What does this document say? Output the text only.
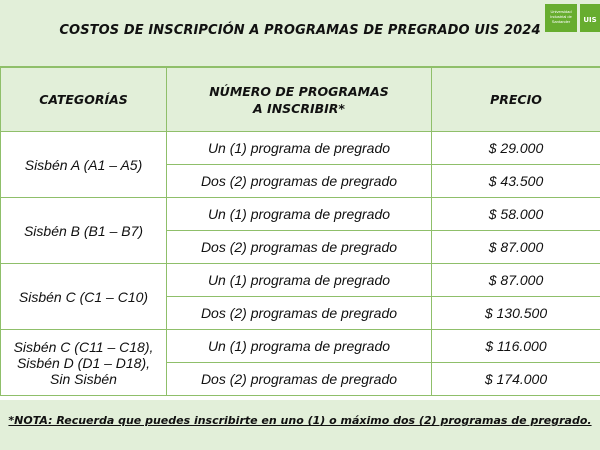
COSTOS DE INSCRIPCIÓN A PROGRAMAS DE PREGRADO UIS 2024
Universidad Industrial de Santander	UIS
CATEGORÍAS	NÚMERO DE PROGRAMAS A INSCRIBIR*	PRECIO
Sisbén A (A1 – A5)	Un (1) programa de pregrado	$ 29.000
	Dos (2) programas de pregrado	$ 43.500
Sisbén B (B1 – B7)	Un (1) programa de pregrado	$ 58.000
	Dos (2) programas de pregrado	$ 87.000
Sisbén C (C1 – C10)	Un (1) programa de pregrado	$ 87.000
	Dos (2) programas de pregrado	$ 130.500

Sisbén C (C11 – C18),
Sisbén D (D1 – D18),
Sin Sisbén	Un (1) programa de pregrado	$ 116.000
	Dos (2) programas de pregrado	$ 174.000
*NOTA: Recuerda que puedes inscribirte en uno (1) o máximo dos (2) programas de pregrado.
